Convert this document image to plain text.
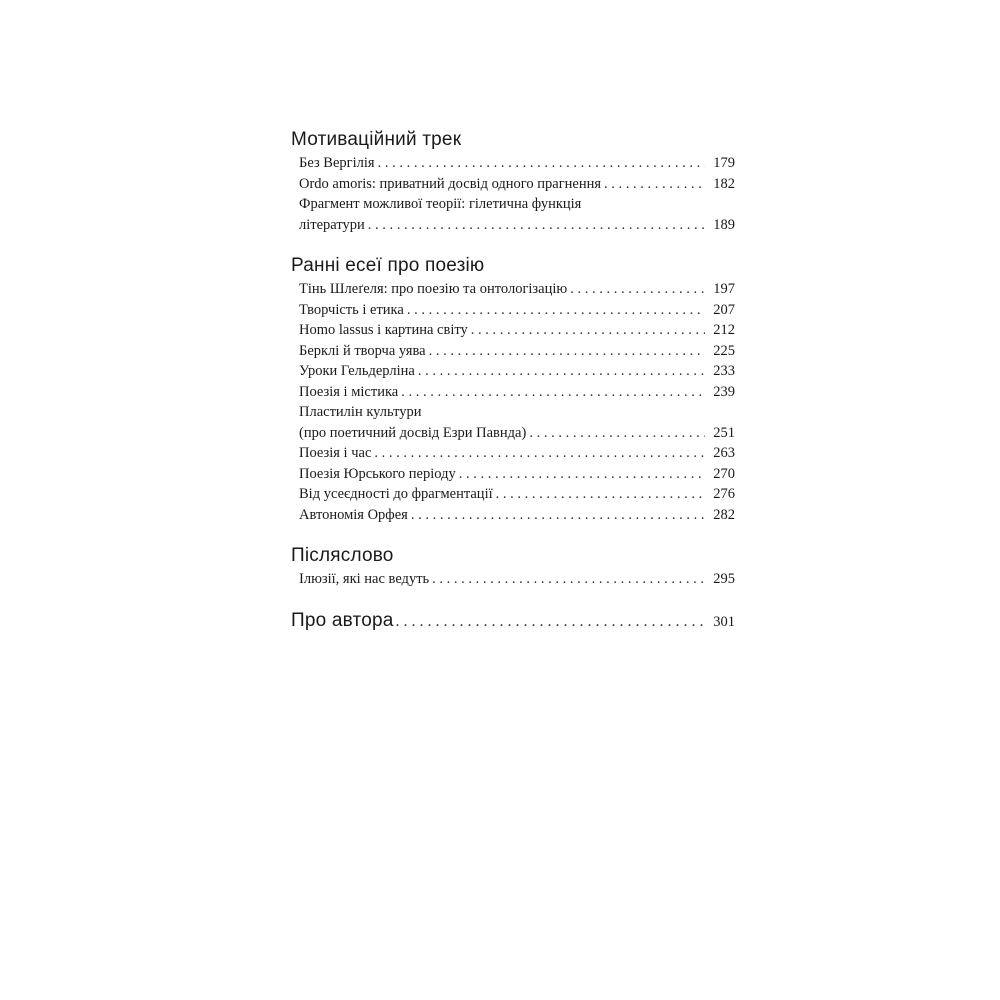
Мотиваційний трек
Без Вергілія . . .	179
Ordo amoris: приватний досвід одного прагнення . . .	182
Фрагмент можливої теорії: гілетична функція
літератури . . .	189
Ранні есеї про поезію
Тінь Шлеґеля: про поезію та онтологізацію . . .	197
Творчість і етика . . .	207
Homo lassus і картина світу . . .	212
Берклі й творча уява . . .	225
Уроки Гельдерліна . . .	233
Поезія і містика . . .	239
Пластилін культури
(про поетичний досвід Езри Павнда) . . .	251
Поезія і час . . .	263
Поезія Юрського періоду . . .	270
Від усеєдності до фрагментації . . .	276
Автономія Орфея . . .	282
Післяслово
Ілюзії, які нас ведуть . . .	295
Про автора . . .	301
